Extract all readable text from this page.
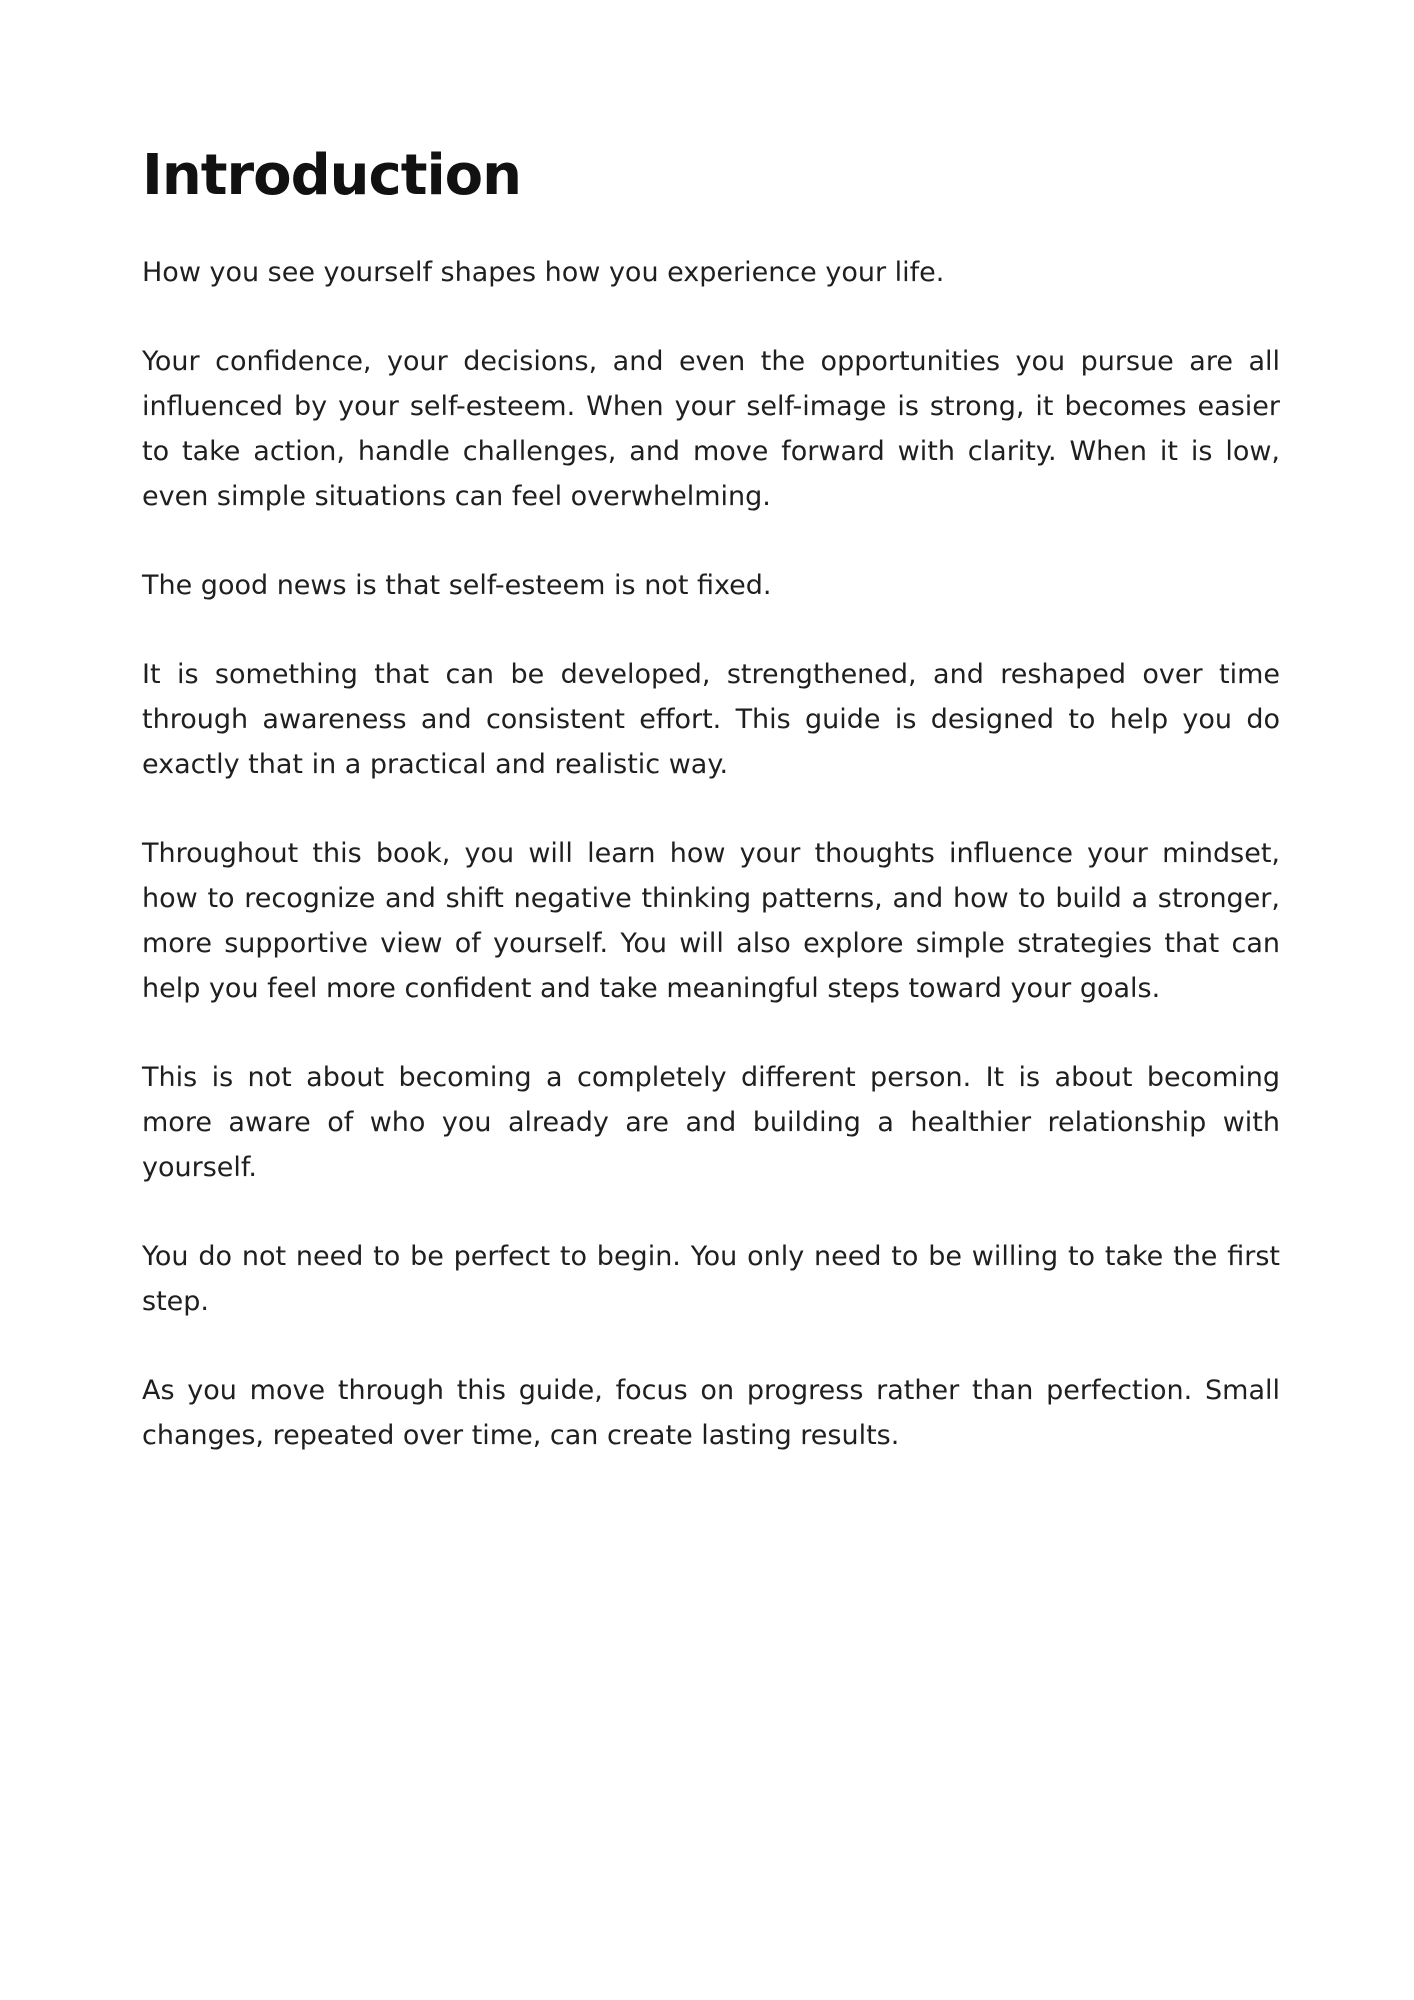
Introduction

How you see yourself shapes how you experience your life.

Your confidence, your decisions, and even the opportunities you pursue are all influenced by your self-esteem. When your self-image is strong, it becomes easier to take action, handle challenges, and move forward with clarity. When it is low, even simple situations can feel overwhelming.

The good news is that self-esteem is not fixed.

It is something that can be developed, strengthened, and reshaped over time through awareness and consistent effort. This guide is designed to help you do exactly that in a practical and realistic way.

Throughout this book, you will learn how your thoughts influence your mindset, how to recognize and shift negative thinking patterns, and how to build a stronger, more supportive view of yourself. You will also explore simple strategies that can help you feel more confident and take meaningful steps toward your goals.

This is not about becoming a completely different person. It is about becoming more aware of who you already are and building a healthier relationship with yourself.

You do not need to be perfect to begin. You only need to be willing to take the first step.

As you move through this guide, focus on progress rather than perfection. Small changes, repeated over time, can create lasting results.
